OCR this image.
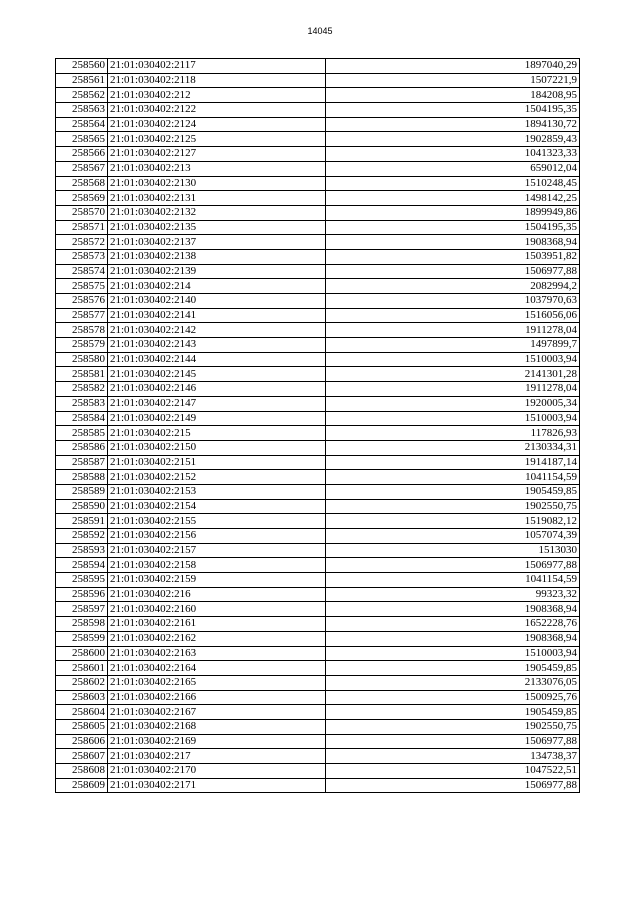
14045
258560	21:01:030402:2117	1897040,29
258561	21:01:030402:2118	1507221,9
258562	21:01:030402:212	184208,95
258563	21:01:030402:2122	1504195,35
258564	21:01:030402:2124	1894130,72
258565	21:01:030402:2125	1902859,43
258566	21:01:030402:2127	1041323,33
258567	21:01:030402:213	659012,04
258568	21:01:030402:2130	1510248,45
258569	21:01:030402:2131	1498142,25
258570	21:01:030402:2132	1899949,86
258571	21:01:030402:2135	1504195,35
258572	21:01:030402:2137	1908368,94
258573	21:01:030402:2138	1503951,82
258574	21:01:030402:2139	1506977,88
258575	21:01:030402:214	2082994,2
258576	21:01:030402:2140	1037970,63
258577	21:01:030402:2141	1516056,06
258578	21:01:030402:2142	1911278,04
258579	21:01:030402:2143	1497899,7
258580	21:01:030402:2144	1510003,94
258581	21:01:030402:2145	2141301,28
258582	21:01:030402:2146	1911278,04
258583	21:01:030402:2147	1920005,34
258584	21:01:030402:2149	1510003,94
258585	21:01:030402:215	117826,93
258586	21:01:030402:2150	2130334,31
258587	21:01:030402:2151	1914187,14
258588	21:01:030402:2152	1041154,59
258589	21:01:030402:2153	1905459,85
258590	21:01:030402:2154	1902550,75
258591	21:01:030402:2155	1519082,12
258592	21:01:030402:2156	1057074,39
258593	21:01:030402:2157	1513030
258594	21:01:030402:2158	1506977,88
258595	21:01:030402:2159	1041154,59
258596	21:01:030402:216	99323,32
258597	21:01:030402:2160	1908368,94
258598	21:01:030402:2161	1652228,76
258599	21:01:030402:2162	1908368,94
258600	21:01:030402:2163	1510003,94
258601	21:01:030402:2164	1905459,85
258602	21:01:030402:2165	2133076,05
258603	21:01:030402:2166	1500925,76
258604	21:01:030402:2167	1905459,85
258605	21:01:030402:2168	1902550,75
258606	21:01:030402:2169	1506977,88
258607	21:01:030402:217	134738,37
258608	21:01:030402:2170	1047522,51
258609	21:01:030402:2171	1506977,88
